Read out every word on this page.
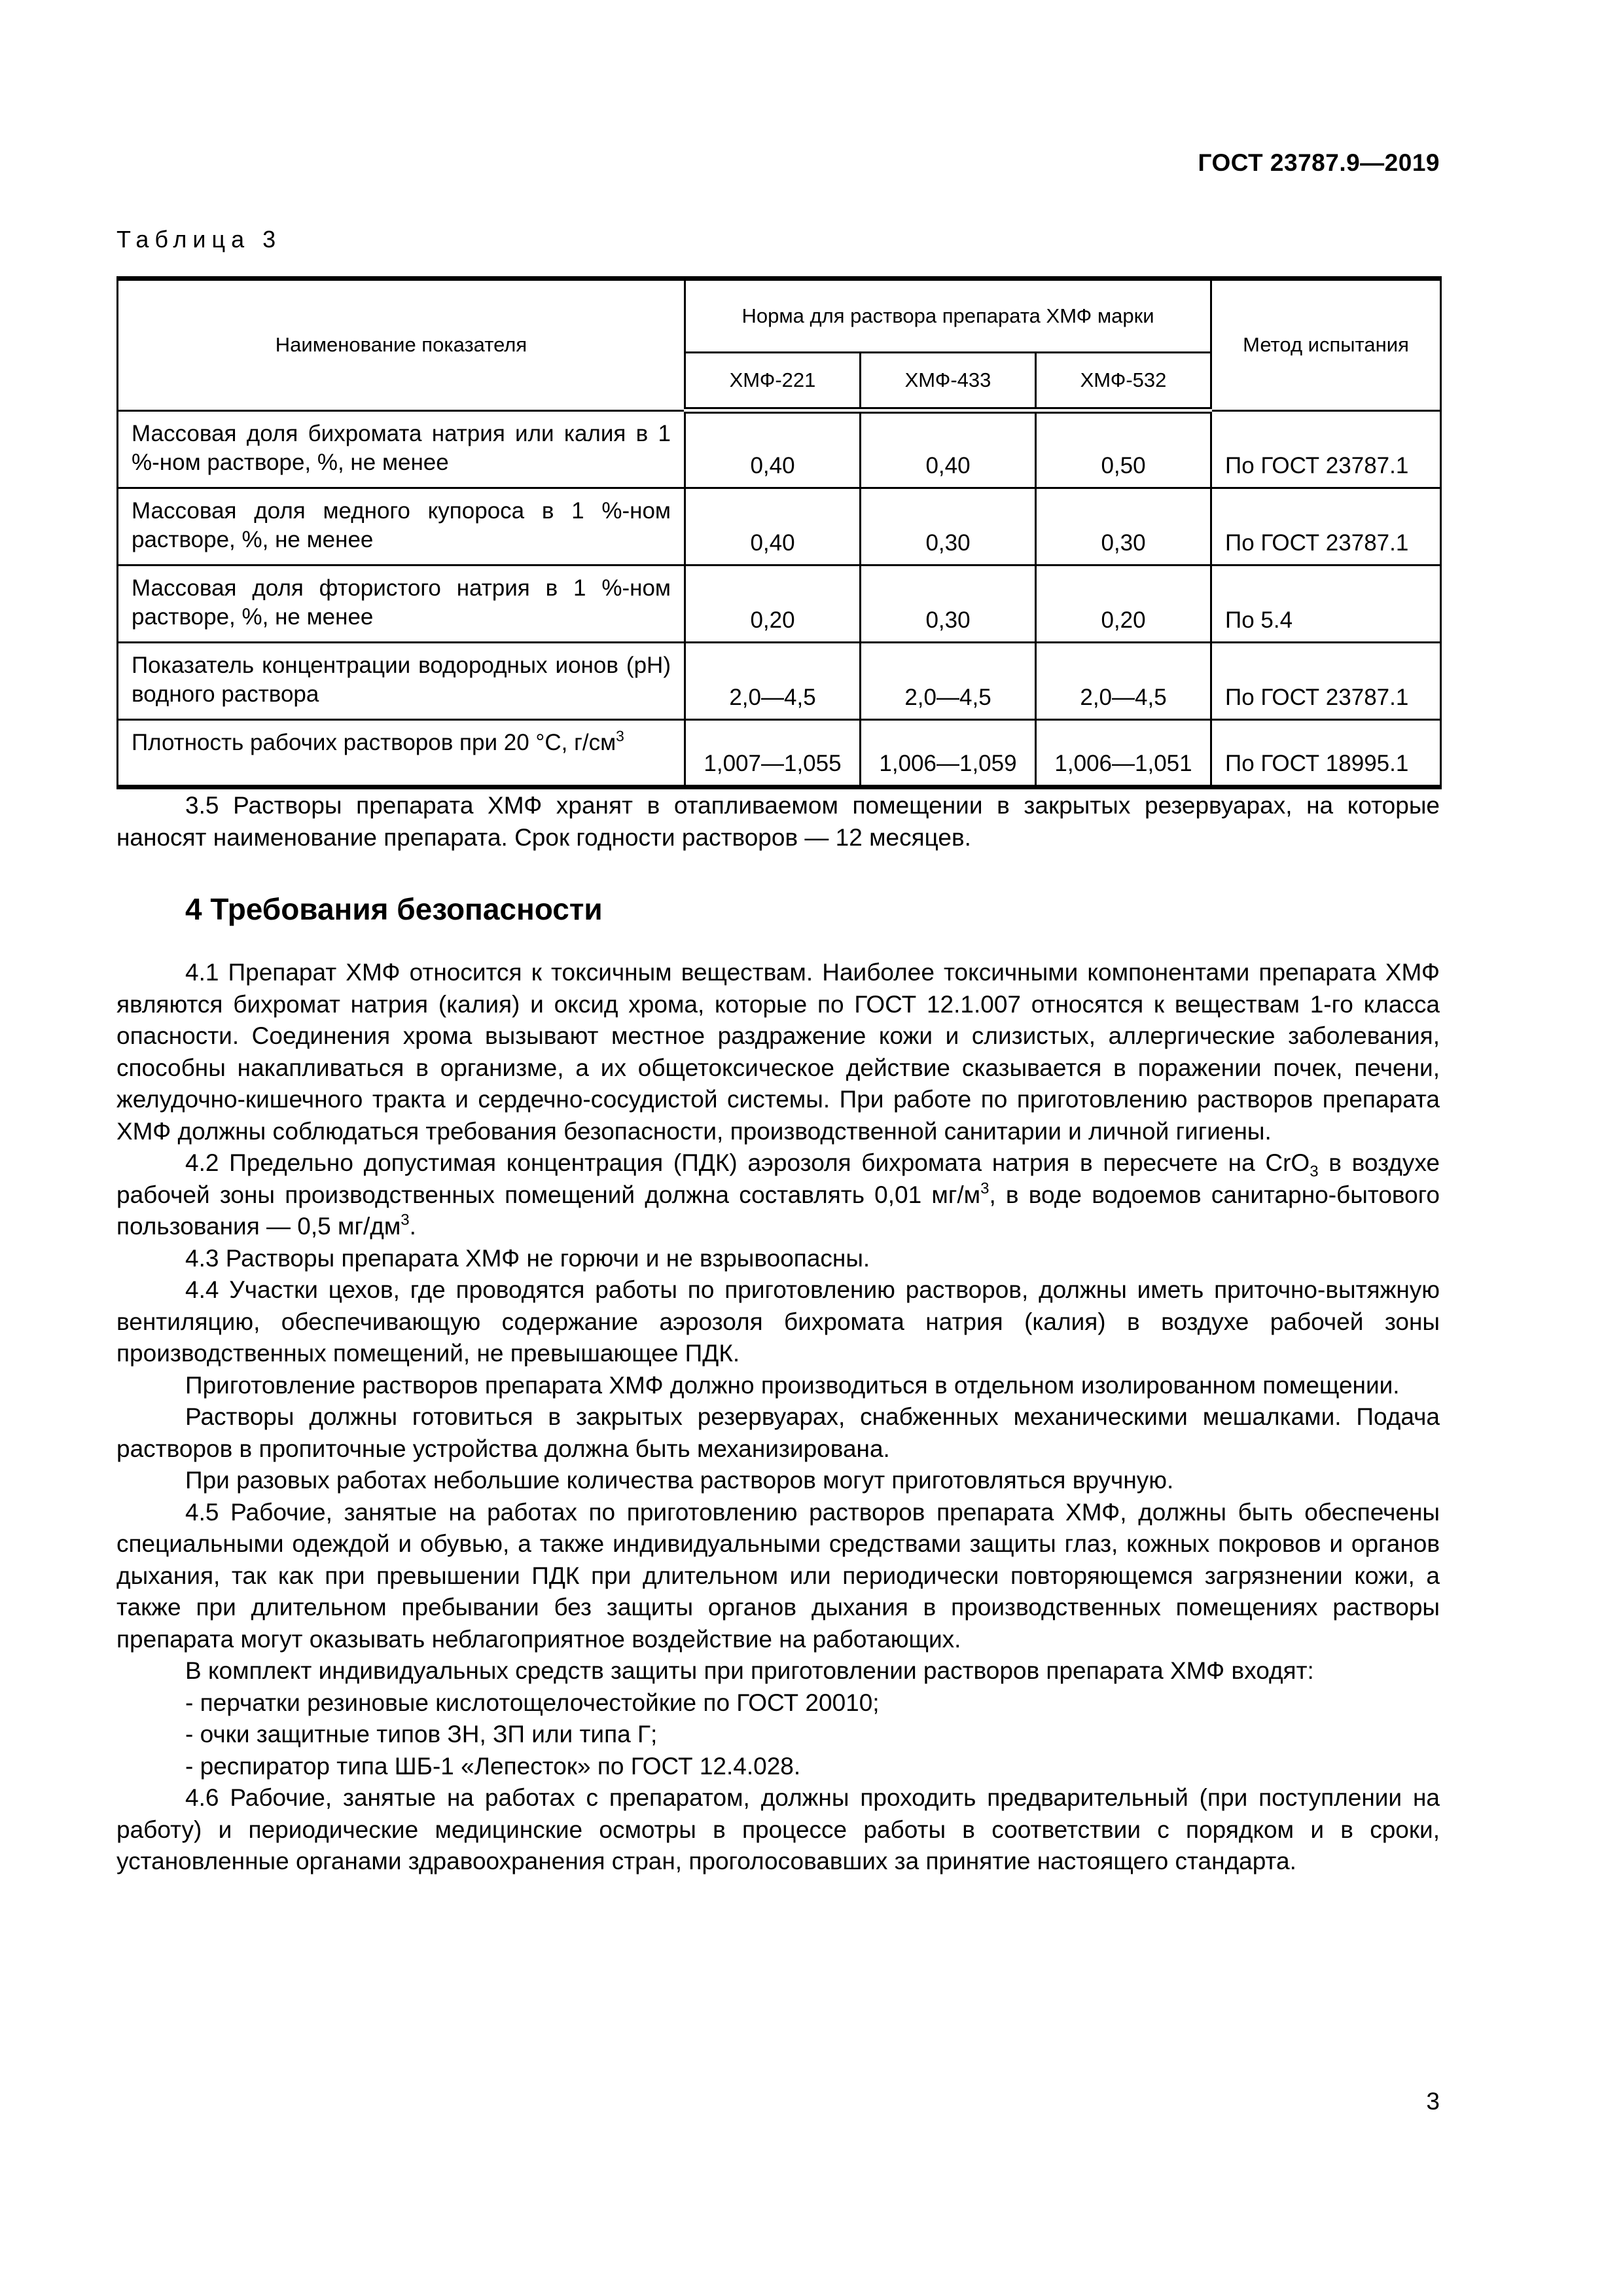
ГОСТ 23787.9—2019
Таблица 3
Наименование показателя	Норма для раствора препарата ХМФ марки			Метод испытания
	ХМФ-221	ХМФ-433	ХМФ-532	
Массовая доля бихромата натрия или калия в 1 %-ном растворе, %, не менее	0,40	0,40	0,50	По ГОСТ 23787.1
Массовая доля медного купороса в 1 %-ном растворе, %, не менее	0,40	0,30	0,30	По ГОСТ 23787.1
Массовая доля фтористого натрия в 1 %-ном растворе, %, не менее	0,20	0,30	0,20	По 5.4
Показатель концентрации водородных ионов (pH) водного раствора	2,0—4,5	2,0—4,5	2,0—4,5	По ГОСТ 23787.1
Плотность рабочих растворов при 20 °С, $г/см^3$	1,007—1,055	1,006—1,059	1,006—1,051	По ГОСТ 18995.1

3.5 Растворы препарата ХМФ хранят в отапливаемом помещении в закрытых резервуарах, на которые наносят наименование препарата. Срок годности растворов — 12 месяцев.

4 Требования безопасности

4.1 Препарат ХМФ относится к токсичным веществам. Наиболее токсичными компонентами препарата ХМФ являются бихромат натрия (калия) и оксид хрома, которые по ГОСТ 12.1.007 относятся к веществам 1-го класса опасности. Соединения хрома вызывают местное раздражение кожи и слизистых, аллергические заболевания, способны накапливаться в организме, а их общетоксическое действие сказывается в поражении почек, печени, желудочно-кишечного тракта и сердечно-сосудистой системы. При работе по приготовлению растворов препарата ХМФ должны соблюдаться требования безопасности, производственной санитарии и личной гигиены.

4.2 Предельно допустимая концентрация (ПДК) аэрозоля бихромата натрия в пересчете на CrO$_3$ в воздухе рабочей зоны производственных помещений должна составлять 0,01 $мг/м^3$, в воде водоемов санитарно-бытового пользования — 0,5 $мг/дм^3$.

4.3 Растворы препарата ХМФ не горючи и не взрывоопасны.

4.4 Участки цехов, где проводятся работы по приготовлению растворов, должны иметь приточно-вытяжную вентиляцию, обеспечивающую содержание аэрозоля бихромата натрия (калия) в воздухе рабочей зоны производственных помещений, не превышающее ПДК.

Приготовление растворов препарата ХМФ должно производиться в отдельном изолированном помещении.

Растворы должны готовиться в закрытых резервуарах, снабженных механическими мешалками. Подача растворов в пропиточные устройства должна быть механизирована.

При разовых работах небольшие количества растворов могут приготовляться вручную.

4.5 Рабочие, занятые на работах по приготовлению растворов препарата ХМФ, должны быть обеспечены специальными одеждой и обувью, а также индивидуальными средствами защиты глаз, кожных покровов и органов дыхания, так как при превышении ПДК при длительном или периодически повторяющемся загрязнении кожи, а также при длительном пребывании без защиты органов дыхания в производственных помещениях растворы препарата могут оказывать неблагоприятное воздействие на работающих.

В комплект индивидуальных средств защиты при приготовлении растворов препарата ХМФ входят:

- перчатки резиновые кислотощелочестойкие по ГОСТ 20010;

- очки защитные типов ЗН, ЗП или типа Г;

- респиратор типа ШБ-1 «Лепесток» по ГОСТ 12.4.028.

4.6 Рабочие, занятые на работах с препаратом, должны проходить предварительный (при поступлении на работу) и периодические медицинские осмотры в процессе работы в соответствии с порядком и в сроки, установленные органами здравоохранения стран, проголосовавших за принятие настоящего стандарта.

3
